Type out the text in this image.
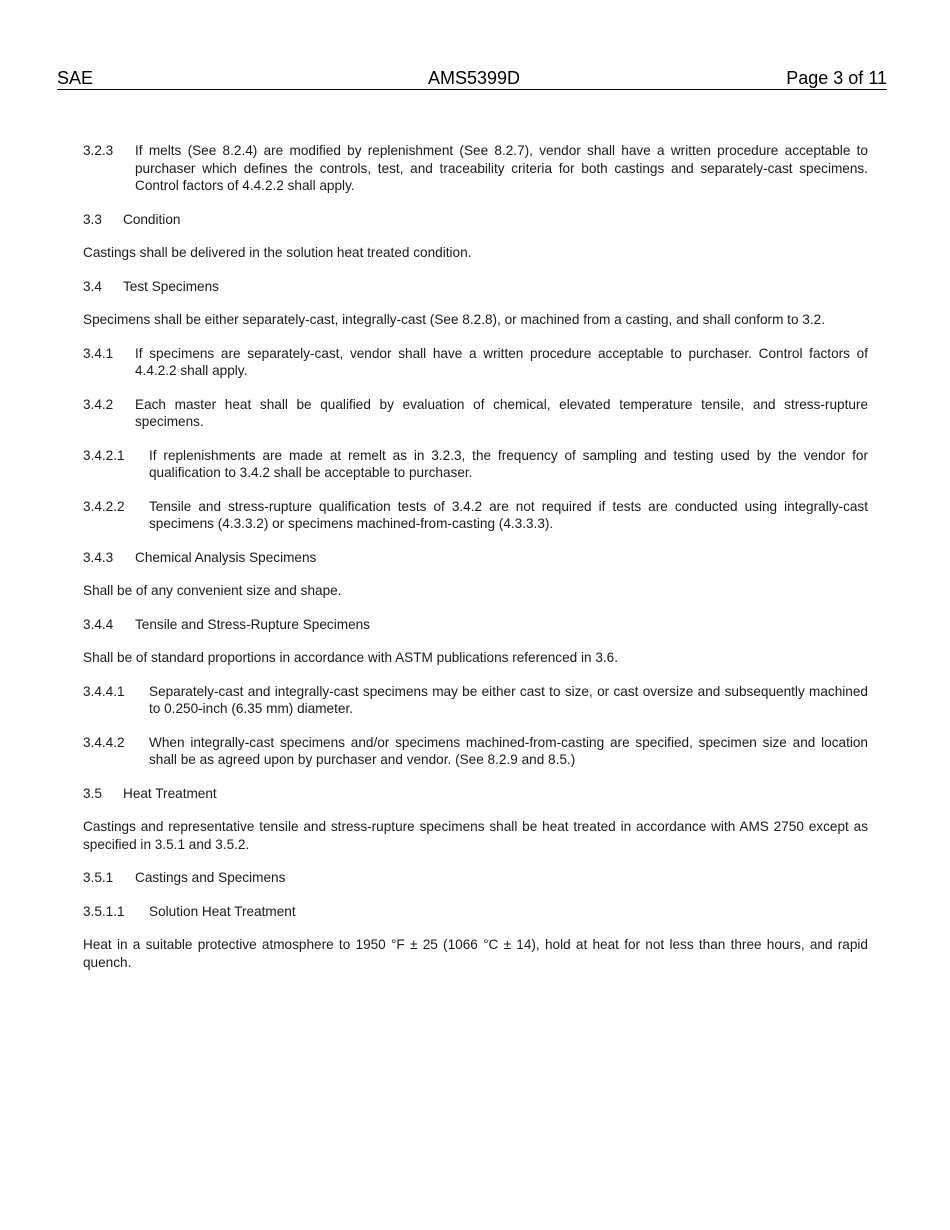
SAE	AMS5399D	Page 3 of 11
3.2.3	If melts (See 8.2.4) are modified by replenishment (See 8.2.7), vendor shall have a written procedure acceptable to purchaser which defines the controls, test, and traceability criteria for both castings and separately-cast specimens. Control factors of 4.4.2.2 shall apply.
3.3 Condition

Castings shall be delivered in the solution heat treated condition.

3.4 Test Specimens

Specimens shall be either separately-cast, integrally-cast (See 8.2.8), or machined from a casting, and shall conform to 3.2.

3.4.1	If specimens are separately-cast, vendor shall have a written procedure acceptable to purchaser. Control factors of 4.4.2.2 shall apply.
3.4.2	Each master heat shall be qualified by evaluation of chemical, elevated temperature tensile, and stress-rupture specimens.
3.4.2.1	If replenishments are made at remelt as in 3.2.3, the frequency of sampling and testing used by the vendor for qualification to 3.4.2 shall be acceptable to purchaser.
3.4.2.2	Tensile and stress-rupture qualification tests of 3.4.2 are not required if tests are conducted using integrally-cast specimens (4.3.3.2) or specimens machined-from-casting (4.3.3.3).
3.4.3 Chemical Analysis Specimens

Shall be of any convenient size and shape.

3.4.4 Tensile and Stress-Rupture Specimens

Shall be of standard proportions in accordance with ASTM publications referenced in 3.6.

3.4.4.1	Separately-cast and integrally-cast specimens may be either cast to size, or cast oversize and subsequently machined to 0.250-inch (6.35 mm) diameter.
3.4.4.2	When integrally-cast specimens and/or specimens machined-from-casting are specified, specimen size and location shall be as agreed upon by purchaser and vendor. (See 8.2.9 and 8.5.)
3.5 Heat Treatment

Castings and representative tensile and stress-rupture specimens shall be heat treated in accordance with AMS 2750 except as specified in 3.5.1 and 3.5.2.

3.5.1 Castings and Specimens
3.5.1.1 Solution Heat Treatment

Heat in a suitable protective atmosphere to 1950 °F ± 25 (1066 °C ± 14), hold at heat for not less than three hours, and rapid quench.
